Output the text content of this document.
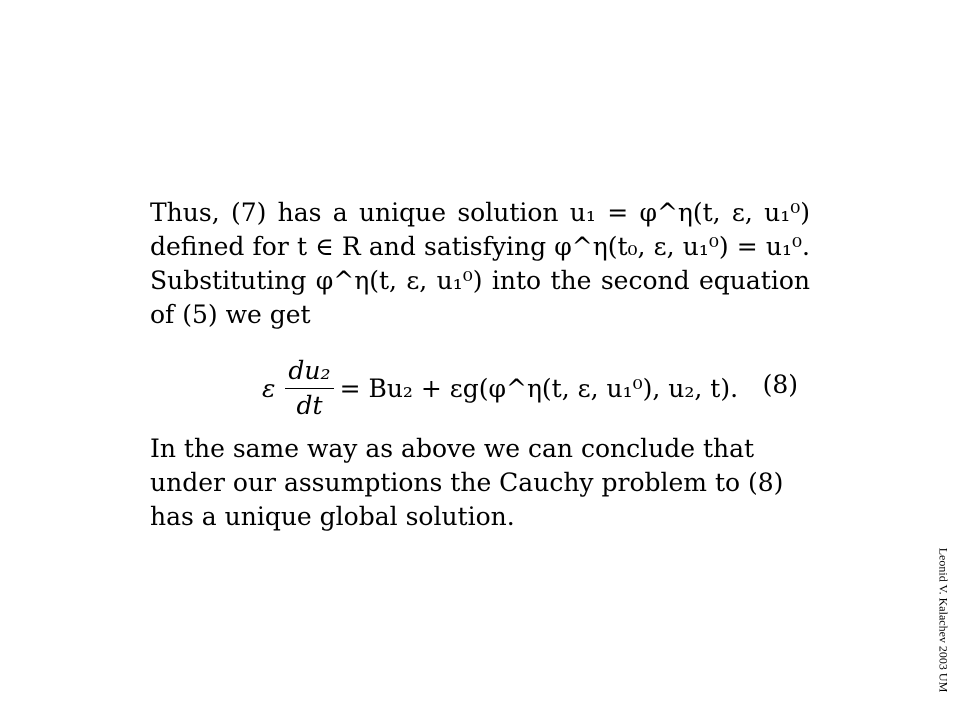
Thus, (7) has a unique solution u₁ = φ^η(t, ε, u₁⁰) defined for t ∈ R and satisfying φ^η(t₀, ε, u₁⁰) = u₁⁰. Substituting φ^η(t, ε, u₁⁰) into the second equation of (5) we get

ε $\frac{\text{du₂}}{dt} = Bu_2$ + εg(φ^η(t, ε, u₁⁰), u₂, t). (8)

In the same way as above we can conclude that under our assumptions the Cauchy problem to (8) has a unique global solution.

Leonid V. Kalachev 2003 UM
